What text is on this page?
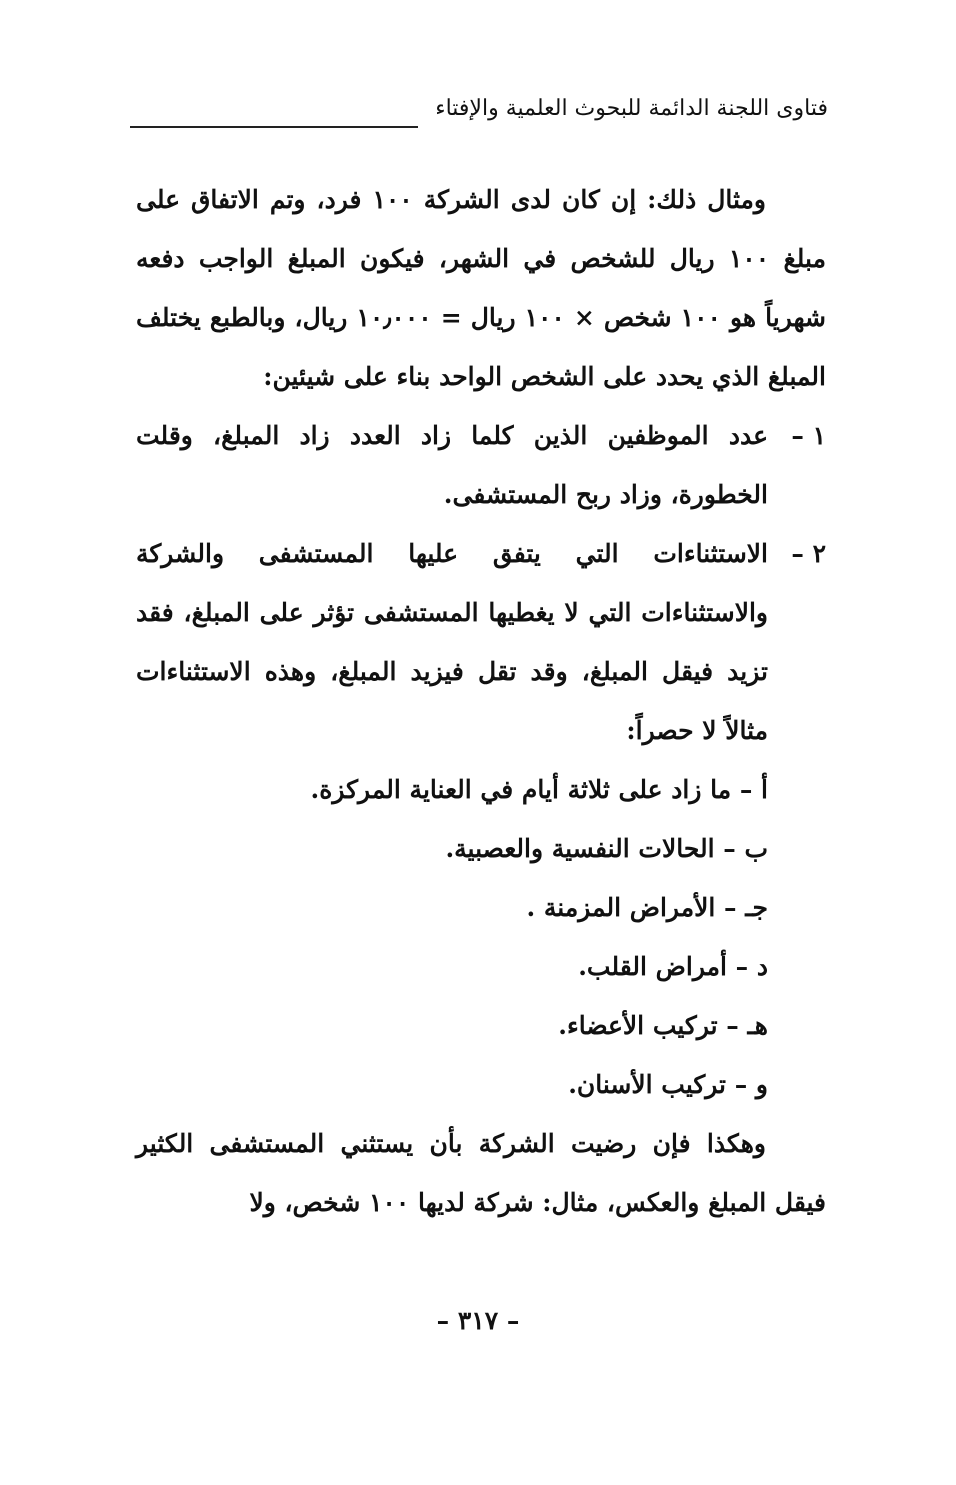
فتاوى اللجنة الدائمة للبحوث العلمية والإفتاء

ومثال ذلك: إن كان لدى الشركة ١٠٠ فرد، وتم الاتفاق على مبلغ ١٠٠ ريال للشخص في الشهر، فيكون المبلغ الواجب دفعه شهرياً هو ١٠٠ شخص × ١٠٠ ريال = ١٠٫٠٠٠ ريال، وبالطبع يختلف المبلغ الذي يحدد على الشخص الواحد بناء على شيئين:

١ –
عدد الموظفين الذين كلما زاد العدد زاد المبلغ، وقلت الخطورة، وزاد ربح المستشفى.
٢ –
الاستثناءات التي يتفق عليها المستشفى والشركة والاستثناءات التي لا يغطيها المستشفى تؤثر على المبلغ، فقد تزيد فيقل المبلغ، وقد تقل فيزيد المبلغ، وهذه الاستثناءات مثالاً لا حصراً:
أ – ما زاد على ثلاثة أيام في العناية المركزة.
ب – الحالات النفسية والعصبية.
جـ – الأمراض المزمنة .
د – أمراض القلب.
هـ – تركيب الأعضاء.
و – تركيب الأسنان.

وهكذا فإن رضيت الشركة بأن يستثني المستشفى الكثير فيقل المبلغ والعكس، مثال: شركة لديها ١٠٠ شخص، ولا

– ٣١٧ –
